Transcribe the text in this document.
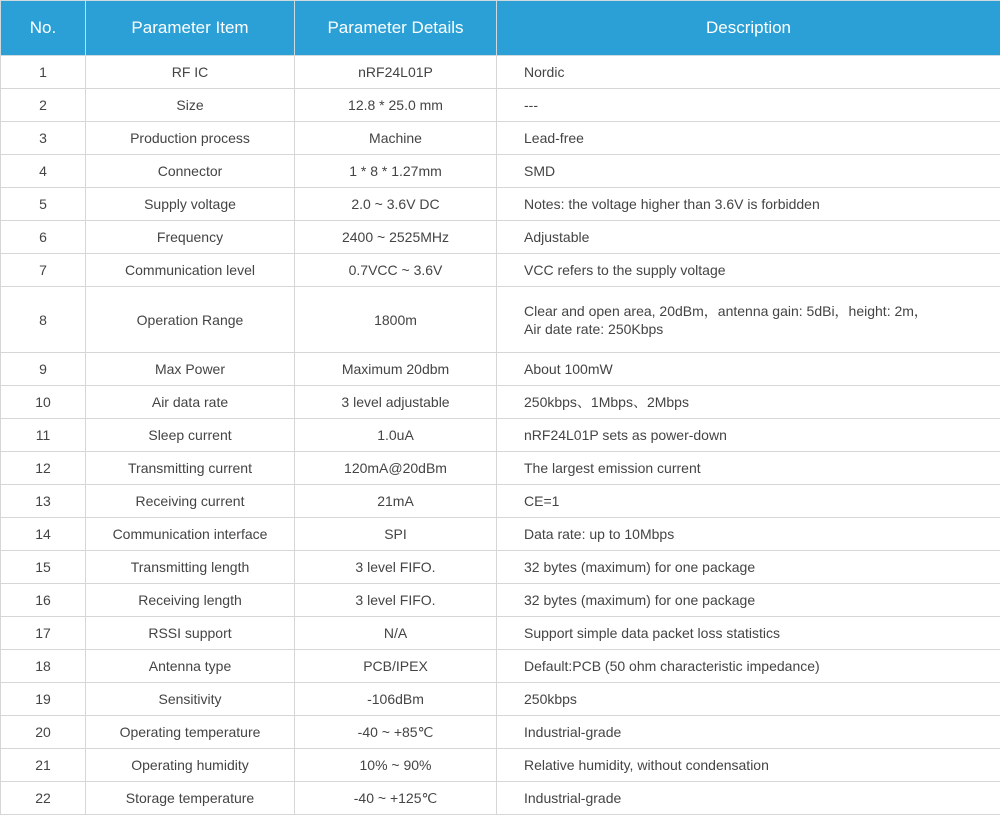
No.	Parameter Item	Parameter Details	Description
1	RF IC	nRF24L01P	Nordic
2	Size	12.8 * 25.0 mm	---
3	Production process	Machine	Lead-free
4	Connector	1 * 8 * 1.27mm	SMD
5	Supply voltage	2.0 ~ 3.6V DC	Notes: the voltage higher than 3.6V is forbidden
6	Frequency	2400 ~ 2525MHz	Adjustable
7	Communication level	0.7VCC ~ 3.6V	VCC refers to the supply voltage
8	Operation Range	1800m	Clear and open area, 20dBm，antenna gain: 5dBi，height: 2m，
Air date rate: 250Kbps
9	Max Power	Maximum 20dbm	About 100mW
10	Air data rate	3 level adjustable	250kbps、1Mbps、2Mbps
11	Sleep current	1.0uA	nRF24L01P sets as power-down
12	Transmitting current	120mA@20dBm	The largest emission current
13	Receiving current	21mA	CE=1
14	Communication interface	SPI	Data rate: up to 10Mbps
15	Transmitting length	3 level FIFO.	32 bytes (maximum) for one package
16	Receiving length	3 level FIFO.	32 bytes (maximum) for one package
17	RSSI support	N/A	Support simple data packet loss statistics
18	Antenna type	PCB/IPEX	Default:PCB (50 ohm characteristic impedance)
19	Sensitivity	-106dBm	250kbps
20	Operating temperature	-40 ~ +85℃	Industrial-grade
21	Operating humidity	10% ~ 90%	Relative humidity, without condensation
22	Storage temperature	-40 ~ +125℃	Industrial-grade
